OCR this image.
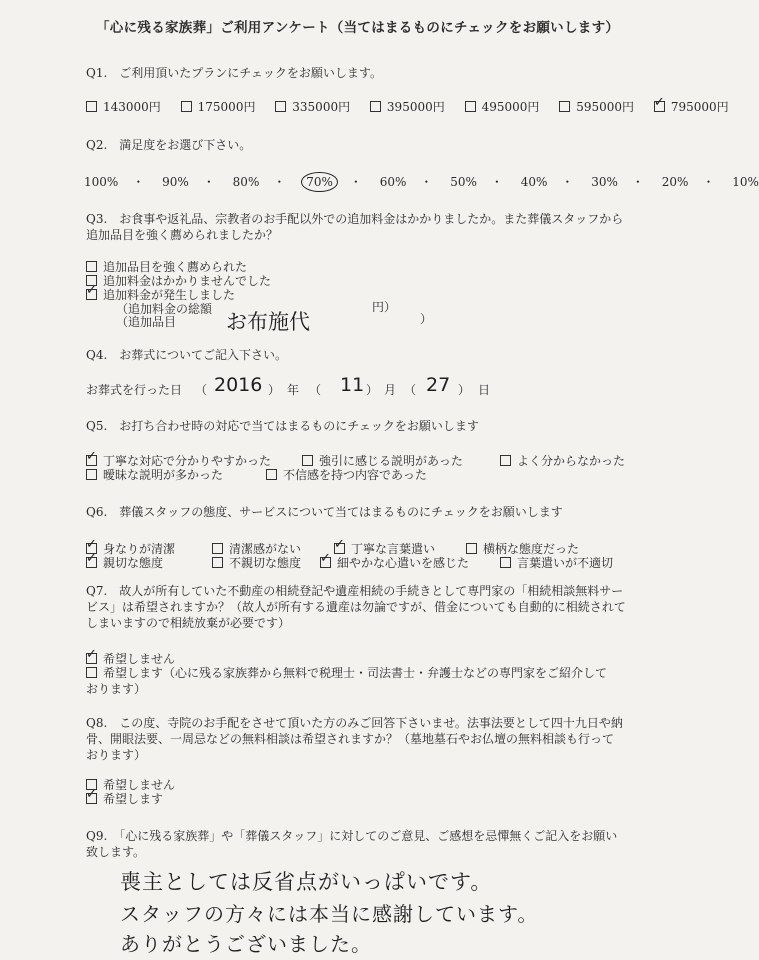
「心に残る家族葬」ご利用アンケート（当てはまるものにチェックをお願いします）
Q1.　ご利用頂いたプランにチェックをお願いします。
143000円	175000円	335000円	395000円	495000円	595000円 ✓	795000円
Q2.　満足度をお選び下さい。
100% ・ 90% ・ 80% ・ 70% ・ 60% ・ 50% ・ 40% ・ 30% ・ 20% ・ 10%
Q3.　お食事や返礼品、宗教者のお手配以外での追加料金はかかりましたか。また葬儀スタッフから
追加品目を強く薦められましたか？
追加品目を強く薦められた
追加料金はかかりませんでした
✓追加料金が発生しました
（追加料金の総額	円）
（追加品目 お布施代	）
Q4.　お葬式についてご記入下さい。
お葬式を行った日 （ 2016 ） 年 （ 11 ） 月 （ 27 ） 日
Q5.　お打ち合わせ時の対応で当てはまるものにチェックをお願いします
✓丁寧な対応で分かりやすかった	強引に感じる説明があった	よく分からなかった
曖昧な説明が多かった	不信感を持つ内容であった
Q6.　葬儀スタッフの態度、サービスについて当てはまるものにチェックをお願いします
✓身なりが清潔	清潔感がない ✓	丁寧な言葉遣い	横柄な態度だった
✓親切な態度	不親切な態度 ✓	細やかな心遣いを感じた	言葉遣いが不適切
Q7.　故人が所有していた不動産の相続登記や遺産相続の手続きとして専門家の「相続相談無料サー
ビス」は希望されますか？（故人が所有する遺産は勿論ですが、借金についても自動的に相続されて
しまいますので相続放棄が必要です）
✓希望しません
希望します（心に残る家族葬から無料で税理士・司法書士・弁護士などの専門家をご紹介して
おります）
Q8.　この度、寺院のお手配をさせて頂いた方のみご回答下さいませ。法事法要として四十九日や納
骨、開眼法要、一周忌などの無料相談は希望されますか？（墓地墓石やお仏壇の無料相談も行って
おります）
希望しません
✓希望します
Q9.　「心に残る家族葬」や「葬儀スタッフ」に対してのご意見、ご感想を忌憚無くご記入をお願い
致します。
喪主としては反省点がいっぱいです。
スタッフの方々には本当に感謝しています。
ありがとうございました。
